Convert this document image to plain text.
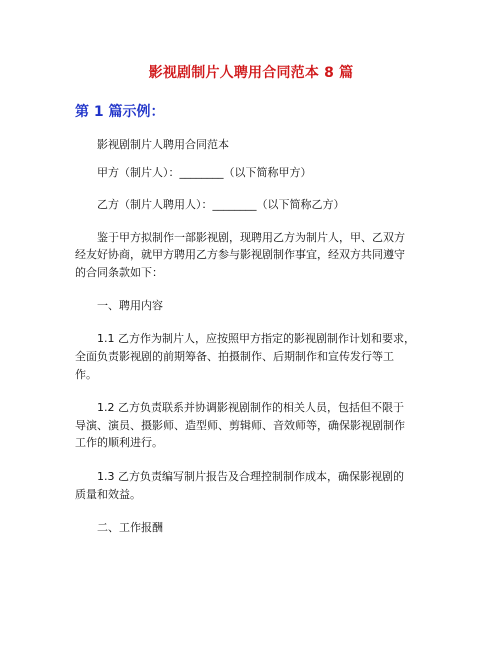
影视剧制片人聘用合同范本 8 篇
第 1 篇示例：
影视剧制片人聘用合同范本
甲方（制片人）：________（以下简称甲方）
乙方（制片人聘用人）：________（以下简称乙方）
鉴于甲方拟制作一部影视剧，现聘用乙方为制片人，甲、乙双方
经友好协商，就甲方聘用乙方参与影视剧制作事宜，经双方共同遵守
的合同条款如下：
一、聘用内容
1.1 乙方作为制片人，应按照甲方指定的影视剧制作计划和要求，
全面负责影视剧的前期筹备、拍摄制作、后期制作和宣传发行等工
作。
1.2 乙方负责联系并协调影视剧制作的相关人员，包括但不限于
导演、演员、摄影师、造型师、剪辑师、音效师等，确保影视剧制作
工作的顺利进行。
1.3 乙方负责编写制片报告及合理控制制作成本，确保影视剧的
质量和效益。
二、工作报酬
